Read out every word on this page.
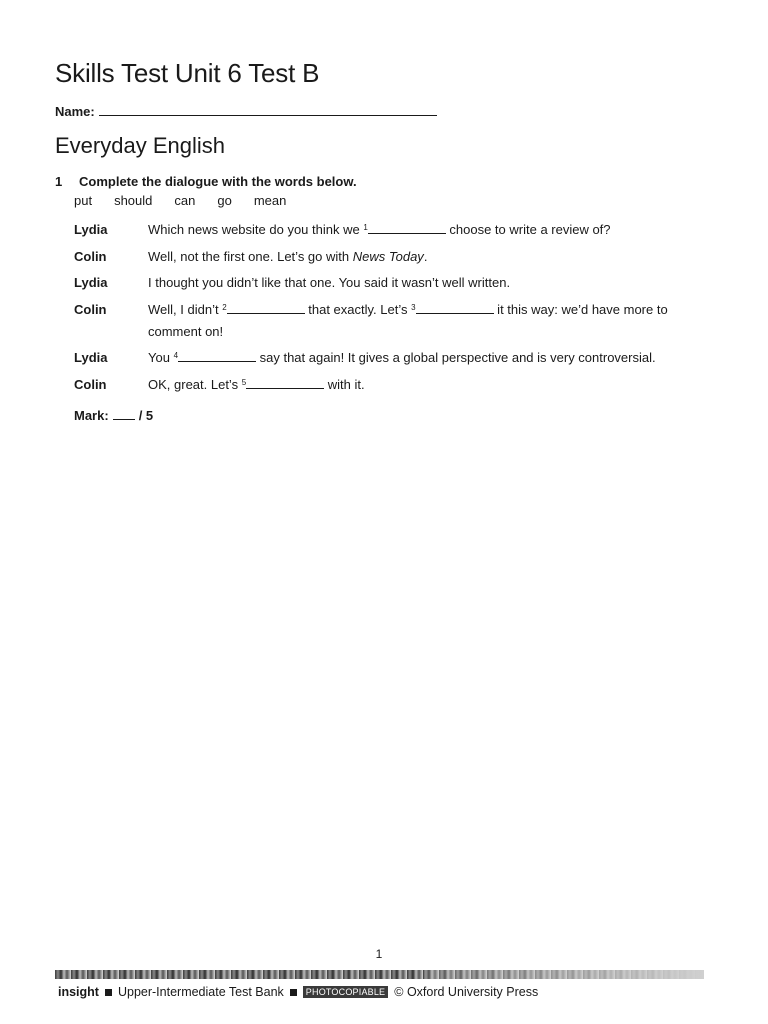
Skills Test Unit 6 Test B
Name:
Everyday English
1 Complete the dialogue with the words below.
put should can go mean
Lydia	Which news website do you think we $^1$	choose to write a review of?
Colin	Well, not the first one. Let’s go with News Today.
Lydia	I thought you didn’t like that one. You said it wasn’t well written.
Colin	Well, I didn’t $^2$	that exactly. Let’s $^3$	it this way: we’d have more to comment on!
Lydia	You $^4$	say that again! It gives a global perspective and is very controversial.
Colin	OK, great. Let’s $^5$	with it.
Mark: / 5
1
insight Upper-Intermediate Test Bank	PHOTOCOPIABLE © Oxford University Press
